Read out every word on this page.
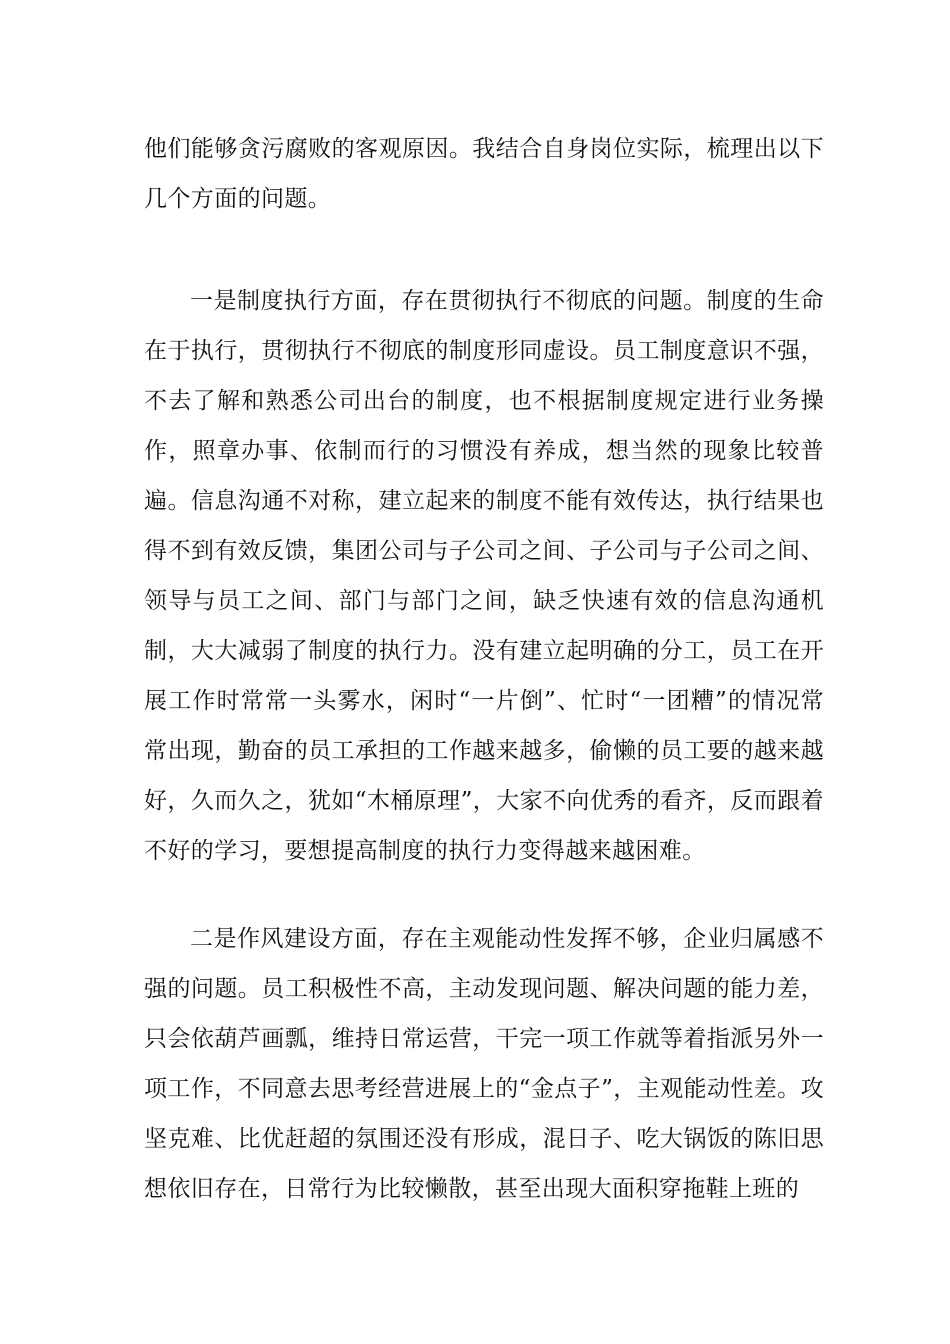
他们能够贪污腐败的客观原因。我结合自身岗位实际，梳理出以下几个方面的问题。

一是制度执行方面，存在贯彻执行不彻底的问题。制度的生命在于执行，贯彻执行不彻底的制度形同虚设。员工制度意识不强，不去了解和熟悉公司出台的制度，也不根据制度规定进行业务操作，照章办事、依制而行的习惯没有养成，想当然的现象比较普遍。信息沟通不对称，建立起来的制度不能有效传达，执行结果也得不到有效反馈，集团公司与子公司之间、子公司与子公司之间、领导与员工之间、部门与部门之间，缺乏快速有效的信息沟通机制，大大减弱了制度的执行力。没有建立起明确的分工，员工在开展工作时常常一头雾水，闲时“一片倒”、忙时“一团糟”的情况常常出现，勤奋的员工承担的工作越来越多，偷懒的员工要的越来越好，久而久之，犹如“木桶原理”，大家不向优秀的看齐，反而跟着不好的学习，要想提高制度的执行力变得越来越困难。

二是作风建设方面，存在主观能动性发挥不够，企业归属感不强的问题。员工积极性不高，主动发现问题、解决问题的能力差，只会依葫芦画瓢，维持日常运营，干完一项工作就等着指派另外一项工作，不同意去思考经营进展上的“金点子”，主观能动性差。攻坚克难、比优赶超的氛围还没有形成，混日子、吃大锅饭的陈旧思想依旧存在，日常行为比较懒散，甚至出现大面积穿拖鞋上班的
